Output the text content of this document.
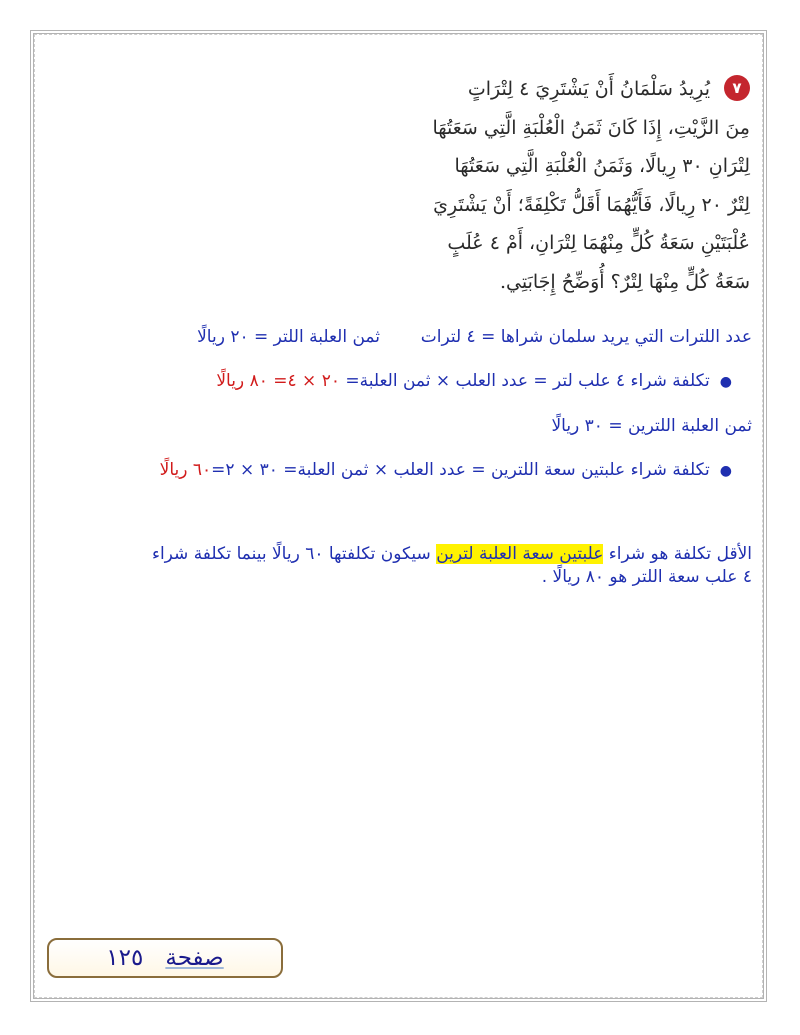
٧يُرِيدُ سَلْمَانُ أَنْ يَشْتَرِيَ ٤ لِتْرَاتٍ
مِنَ الزَّيْتِ، إِذَا كَانَ ثَمَنُ الْعُلْبَةِ الَّتِي سَعَتُهَا
لِتْرَانِ ٣٠ رِيالًا، وَثَمَنُ الْعُلْبَةِ الَّتِي سَعَتُهَا
لِتْرٌ ٢٠ رِيالًا، فَأَيُّهُمَا أَقَلُّ تَكْلِفَةً؛ أَنْ يَشْتَرِيَ
عُلْبَتَيْنِ سَعَةُ كُلٍّ مِنْهُمَا لِتْرَانِ، أَمْ ٤ عُلَبٍ
سَعَةُ كُلٍّ مِنْهَا لِتْرٌ؟ أُوَضِّحُ إِجَابَتِي.
عدد اللترات التي يريد سلمان شراها = ٤ لترات
ثمن العلبة اللتر = ٢٠ ريالًا
●تكلفة شراء ٤ علب لتر = عدد العلب × ثمن العلبة= ٢٠ × ٤= ٨٠ ريالًا
ثمن العلبة اللترين = ٣٠ ريالًا
●تكلفة شراء علبتين سعة اللترين = عدد العلب × ثمن العلبة= ٣٠ × ٢=٦٠ ريالًا
الأقل تكلفة هو شراء علبتين سعة العلبة لترين سيكون تكلفتها ٦٠ ريالًا بينما تكلفة شراء
٤ علب سعة اللتر هو ٨٠ ريالًا .
صفحة١٢٥
